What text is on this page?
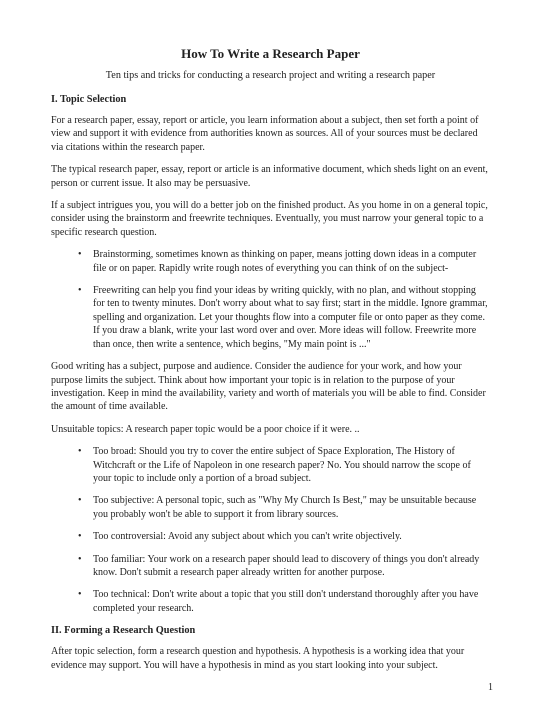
How To Write a Research Paper
Ten tips and tricks for conducting a research project and writing a research paper
I. Topic Selection

For a research paper, essay, report or article, you learn information about a subject, then set forth a point of view and support it with evidence from authorities known as sources. All of your sources must be declared via citations within the research paper.

The typical research paper, essay, report or article is an informative document, which sheds light on an event, person or current issue. It also may be persuasive.

If a subject intrigues you, you will do a better job on the finished product. As you home in on a general topic, consider using the brainstorm and freewrite techniques. Eventually, you must narrow your general topic to a specific research question.

• Brainstorming, sometimes known as thinking on paper, means jotting down ideas in a computer file or on paper. Rapidly write rough notes of everything you can think of on the subject-
• Freewriting can help you find your ideas by writing quickly, with no plan, and without stopping for ten to twenty minutes. Don't worry about what to say first; start in the middle. Ignore grammar, spelling and organization. Let your thoughts flow into a computer file or onto paper as they come. If you draw a blank, write your last word over and over. More ideas will follow. Freewrite more than once, then write a sentence, which begins, "My main point is ..."

Good writing has a subject, purpose and audience. Consider the audience for your work, and how your purpose limits the subject. Think about how important your topic is in relation to the purpose of your investigation. Keep in mind the availability, variety and worth of materials you will be able to find. Consider the amount of time available.

Unsuitable topics: A research paper topic would be a poor choice if it were. ..

• Too broad: Should you try to cover the entire subject of Space Exploration, The History of Witchcraft or the Life of Napoleon in one research paper? No. You should narrow the scope of your topic to include only a portion of a broad subject.
• Too subjective: A personal topic, such as "Why My Church Is Best," may be unsuitable because you probably won't be able to support it from library sources.
• Too controversial: Avoid any subject about which you can't write objectively.
• Too familiar: Your work on a research paper should lead to discovery of things you don't already know. Don't submit a research paper already written for another purpose.
• Too technical: Don't write about a topic that you still don't understand thoroughly after you have completed your research.
II. Forming a Research Question

After topic selection, form a research question and hypothesis. A hypothesis is a working idea that your evidence may support. You will have a hypothesis in mind as you start looking into your subject.

1
